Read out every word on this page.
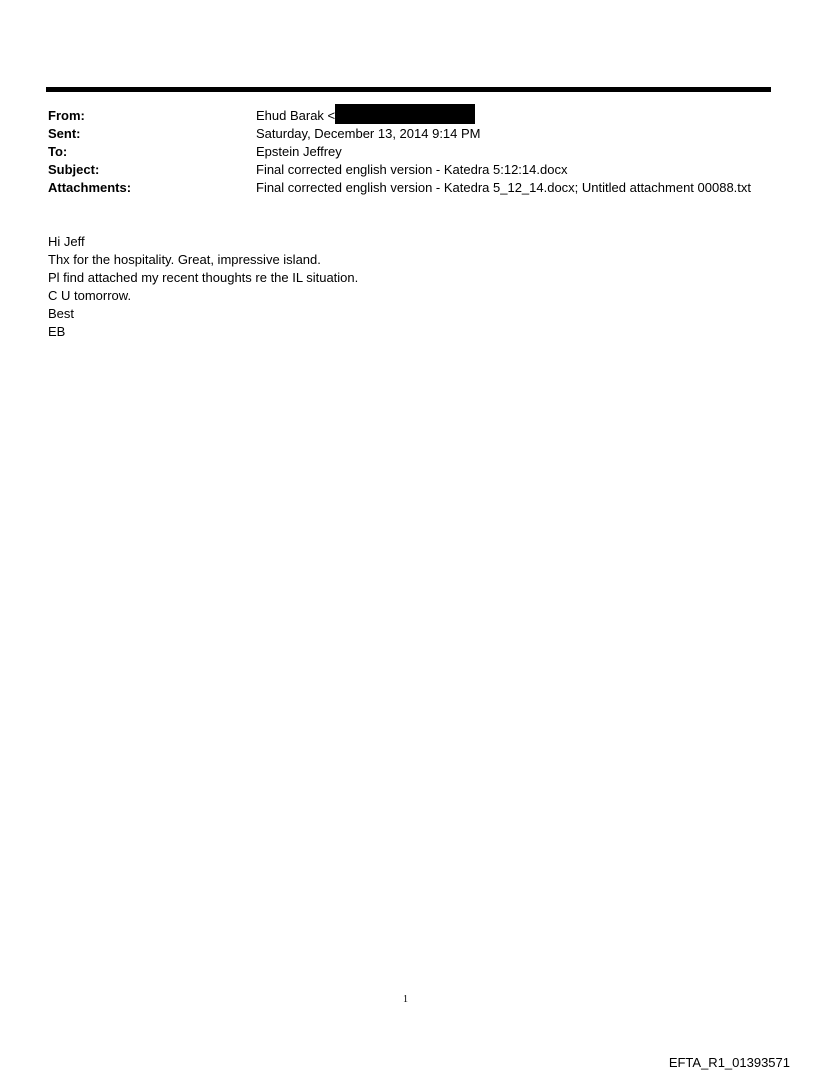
From:	Ehud Barak <
Sent:	Saturday, December 13, 2014 9:14 PM
To:	Epstein Jeffrey
Subject:	Final corrected english version - Katedra 5:12:14.docx
Attachments:	Final corrected english version - Katedra 5_12_14.docx; Untitled attachment 00088.txt
Hi Jeff
Thx for the hospitality. Great, impressive island.
Pl find attached my recent thoughts re the IL situation.
C U tomorrow.
Best
EB
1
EFTA_R1_01393571
